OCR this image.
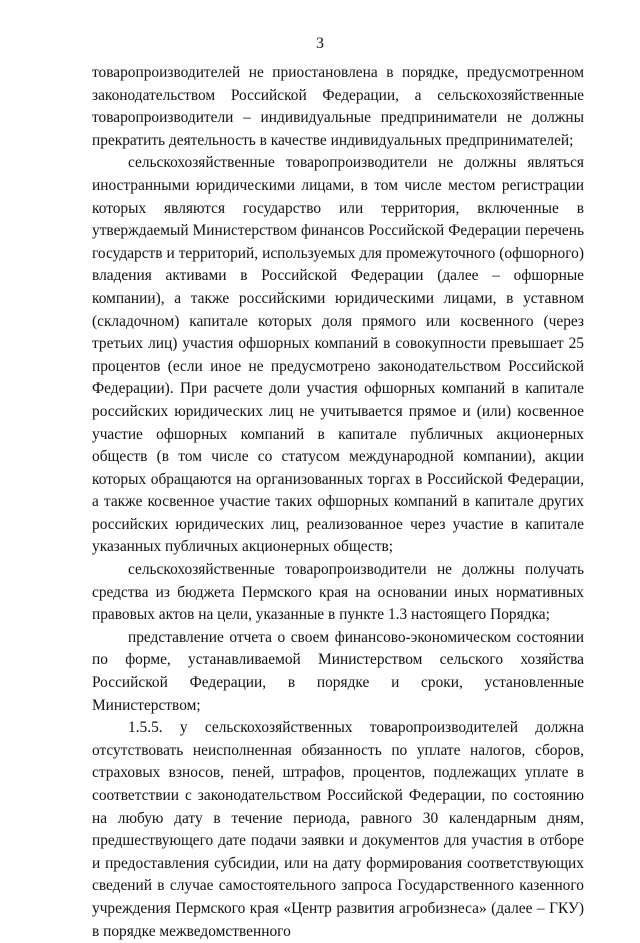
3

товаропроизводителей не приостановлена в порядке, предусмотренном законодательством Российской Федерации, а сельскохозяйственные товаропроизводители – индивидуальные предприниматели не должны прекратить деятельность в качестве индивидуальных предпринимателей;

сельскохозяйственные товаропроизводители не должны являться иностранными юридическими лицами, в том числе местом регистрации которых являются государство или территория, включенные в утверждаемый Министерством финансов Российской Федерации перечень государств и территорий, используемых для промежуточного (офшорного) владения активами в Российской Федерации (далее – офшорные компании), а также российскими юридическими лицами, в уставном (складочном) капитале которых доля прямого или косвенного (через третьих лиц) участия офшорных компаний в совокупности превышает 25 процентов (если иное не предусмотрено законодательством Российской Федерации). При расчете доли участия офшорных компаний в капитале российских юридических лиц не учитывается прямое и (или) косвенное участие офшорных компаний в капитале публичных акционерных обществ (в том числе со статусом международной компании), акции которых обращаются на организованных торгах в Российской Федерации, а также косвенное участие таких офшорных компаний в капитале других российских юридических лиц, реализованное через участие в капитале указанных публичных акционерных обществ;

сельскохозяйственные товаропроизводители не должны получать средства из бюджета Пермского края на основании иных нормативных правовых актов на цели, указанные в пункте 1.3 настоящего Порядка;

представление отчета о своем финансово-экономическом состоянии по форме, устанавливаемой Министерством сельского хозяйства Российской Федерации, в порядке и сроки, установленные Министерством;

1.5.5. у сельскохозяйственных товаропроизводителей должна отсутствовать неисполненная обязанность по уплате налогов, сборов, страховых взносов, пеней, штрафов, процентов, подлежащих уплате в соответствии с законодательством Российской Федерации, по состоянию на любую дату в течение периода, равного 30 календарным дням, предшествующего дате подачи заявки и документов для участия в отборе и предоставления субсидии, или на дату формирования соответствующих сведений в случае самостоятельного запроса Государственного казенного учреждения Пермского края «Центр развития агробизнеса» (далее – ГКУ) в порядке межведомственного
